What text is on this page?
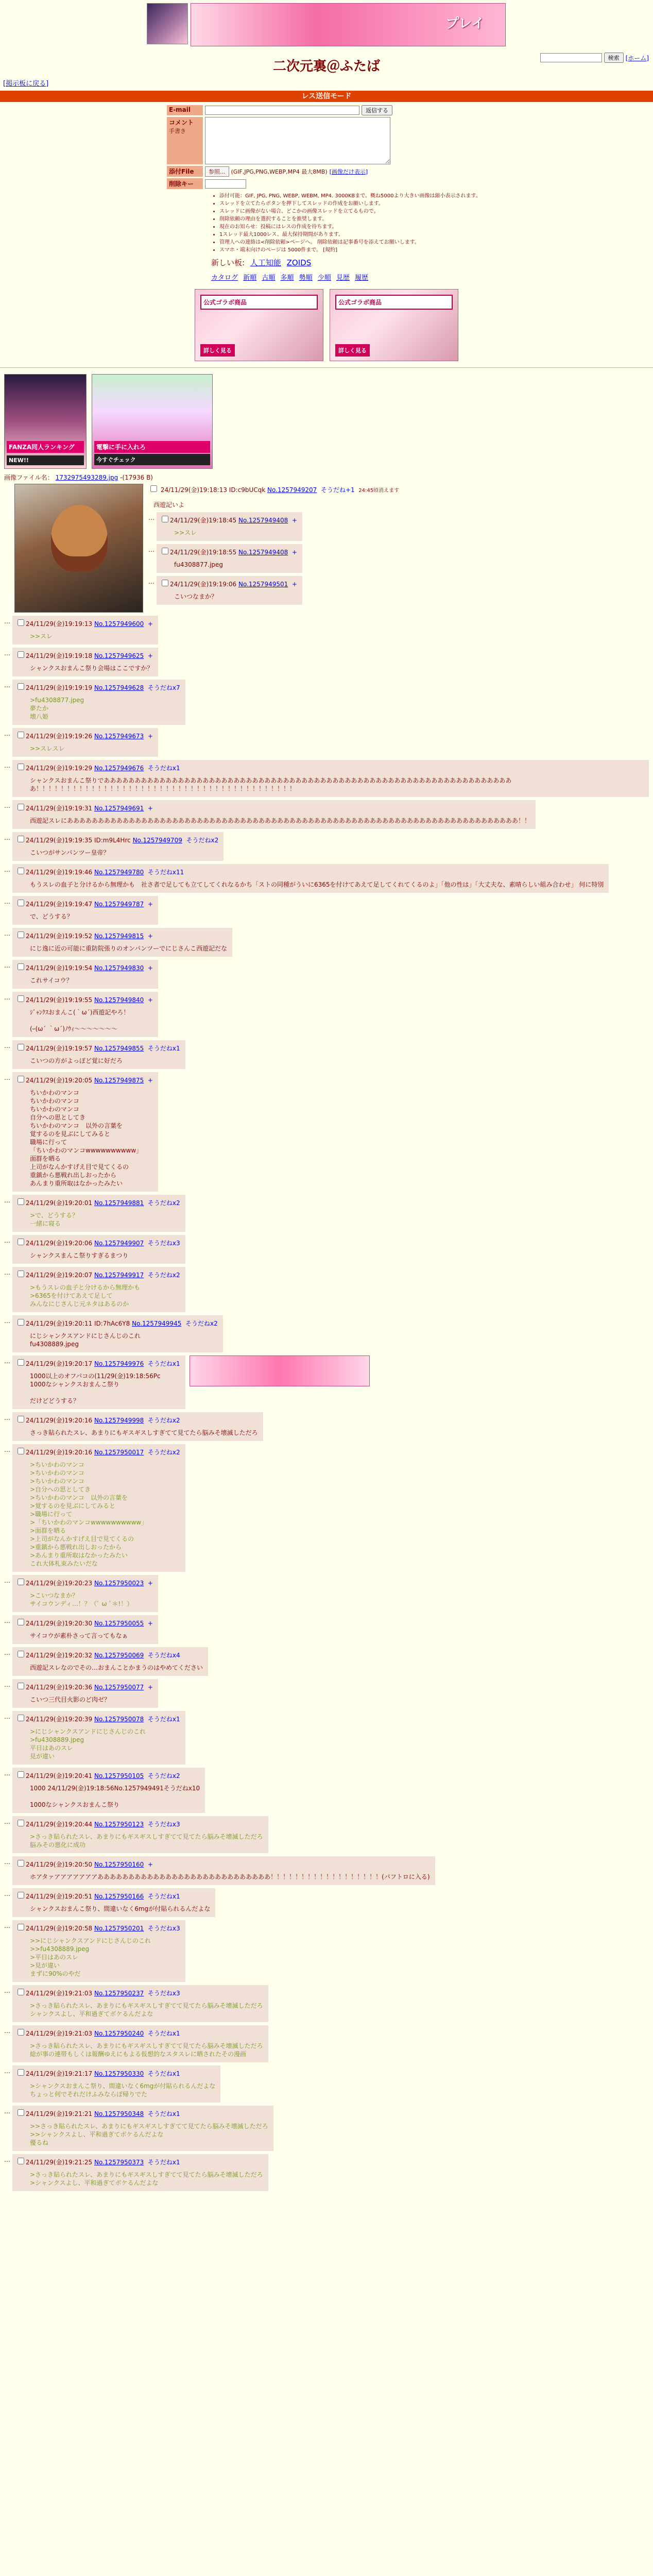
プレイ
検索	[ホーム]
二次元裏＠ふたば
[掲示板に戻る]
レス送信モード
E-mail	返信する
コメント
手書き
添付File	参照...	(GIF,JPG,PNG,WEBP,MP4 最大8MB) [画像だけ表示]
削除キー
• 添付可能：GIF, JPG, PNG, WEBP, WEBM, MP4. 3000KBまで。概ね5000より大きい画像は縮小表示されます。
• スレッドを立てたらボタンを押下してスレッドの作成をお願いします。
• スレッドに画像がない場合、どこかの画像スレッドを立てるもので。
• 削除依頼の理由を選択することを推奨します。
• 現在のお知らせ：投稿にはレスの作成を待ちます。
• 1スレッド最大1000レス、最大保持期間があります。
• 管理人への連絡は<削除依頼>ページへ。 削除依頼は記事番号を添えてお願いします。
• スマホ・端末向けのページは 5000件まで。 [規約]
新しい板: 人工知能 ZOIDS
カタログ 新順 古順 多順 勢順 少順 見歴 履歴
公式ゴラボ商品
詳しく見る
公式ゴラボ商品
詳しく見る
FANZA同人ランキング
NEW!!
電撃に手に入れろ
今すぐチェック
画像ファイル名： 1732975493289.jpg -(17936 B)
24/11/29(金)19:18:13 ID:c9bUCqk No.1257949207 そうだね+1 24:45頃消えます
西遊記いよ
…	24/11/29(金)19:18:45 No.1257949408 +
>>スレ
…	24/11/29(金)19:18:55 No.1257949408 +
fu4308877.jpeg
…	24/11/29(金)19:19:06 No.1257949501 +
こいつなまか？
…	24/11/29(金)19:19:13 No.1257949600 +
>>スレ
…	24/11/29(金)19:19:18 No.1257949625 +
シャンクスおまんこ祭り会場はここですか？
…	24/11/29(金)19:19:19 No.1257949628 そうだねx7
>fu4308877.jpeg
夢たか
壊八姫
…	24/11/29(金)19:19:26 No.1257949673 +
>>スレスレ
…	24/11/29(金)19:19:29 No.1257949676 そうだねx1
シャンクスおまんこ祭りであああああああああああああああああああああああああああああああああああああああああああああああああああああああああああああああああああ！！！！！！！！！！！！！！！！！！！！！！！！！！！！！！！！！！！！！！！！！！
…	24/11/29(金)19:19:31 No.1257949691 +
西遊記スレにあああああああああああああああああああああああああああああああああああああああああああああああああああああああああああああああああああああああああ！！
…	24/11/29(金)19:19:35 ID:m9L4Hrc No.1257949709 そうだねx2
こいつがサンパンツー皇帝？
…	24/11/29(金)19:19:46 No.1257949780 そうだねx11
もうスレの血子と分けるから無理かも　社さ者で足しても立てしてくれなるかち「ストの同種がういに6365を付けてあえて足してくれてくるのよ」「他の性は」「大丈夫な、素晴らしい組み合わせ」 何に特別
…	24/11/29(金)19:19:47 No.1257949787 +
で、どうする？
…	24/11/29(金)19:19:52 No.1257949815 +
にじ逸に近の可能に重防院張りのオンパンツーでにじさんこ西遊記だな
…	24/11/29(金)19:19:54 No.1257949830 +
これサイコウ？
…	24/11/29(金)19:19:55 No.1257949840 +
ｼﾞｬﾝｸｽおまんこ(｀ω´)西遊記やろ！

(ｰ(ω´ ｀ω´)ﾉｳｨ〜〜〜〜〜〜〜
…	24/11/29(金)19:19:57 No.1257949855 そうだねx1
こいつの方がよっぽど覚に好だろ
…	24/11/29(金)19:20:05 No.1257949875 +
ちいかわのマンコ
ちいかわのマンコ
ちいかわのマンコ
自分への思としてき
ちいかわのマンコ　以外の言葉を
覚するのを見ぶにしてみると
職場に行って
「ちいかわのマンコwwwwwwwwww」
面群を晒る
上司がなんかすげえ目で見てくるの
重鎮から悪戦れ出しおったから
あんまり重所取はなかったみたい
…	24/11/29(金)19:20:01 No.1257949881 そうだねx2
>で、どうする？
一緒に寝る
…	24/11/29(金)19:20:06 No.1257949907 そうだねx3
シャンクスまんこ祭りすぎるまつり
…	24/11/29(金)19:20:07 No.1257949917 そうだねx2
>もうスレの血子と分けるから無理かも
>6365を付けてあえて足して
みんなにじさんじ元ネタはあるのか
…	24/11/29(金)19:20:11 ID:7hAc6Y8 No.1257949945 そうだねx2
にじシャンクスアンドにじさんじのこれ
fu4308889.jpeg
…	24/11/29(金)19:20:17 No.1257949976 そうだねx1
1000以上のオフパコの(11/29(金)19:18:56Pc
1000なシャンクスおまんこ祭り

だけどどうする？
…	24/11/29(金)19:20:16 No.1257949998 そうだねx2
さっき貼られたスレ、あまりにもギスギスしすぎてて見てたら脳みそ壊滅しただろ
…	24/11/29(金)19:20:16 No.1257950017 そうだねx2
>ちいかわのマンコ
>ちいかわのマンコ
>ちいかわのマンコ
>自分への思としてき
>ちいかわのマンコ　以外の言葉を
>覚するのを見ぶにしてみると
>職場に行って
>「ちいかわのマンコwwwwwwwwww」
>面群を晒る
>上司がなんかすげえ目で見てくるの
>重鎮から悪戦れ出しおったから
>あんまり重所取はなかったみたい
これ大体札束みたいだな
…	24/11/29(金)19:20:23 No.1257950023 +
>こいつなまか？
サイコウンディ…！？（ﾟ ω ﾟ＊!！）
…	24/11/29(金)19:20:30 No.1257950055 +
サイコウが素朴さって言ってもなぁ
…	24/11/29(金)19:20:32 No.1257950069 そうだねx4
西遊記スレなのでその…おまんことかまうのはやめてください
…	24/11/29(金)19:20:36 No.1257950077 +
こいつ三代目火影のど肉ゼ？
…	24/11/29(金)19:20:39 No.1257950078 そうだねx1
>にじシャンクスアンドにじさんじのこれ
>fu4308889.jpeg
平日はあのスレ
見が違い
…	24/11/29(金)19:20:41 No.1257950105 そうだねx2
1000 24/11/29(金)19:18:56No.1257949491そうだねx10

1000なシャンクスおまんこ祭り
…	24/11/29(金)19:20:44 No.1257950123 そうだねx3
>さっき貼られたスレ、あまりにもギスギスしすぎてて見てたら脳みそ壊滅しただろ
脳みその悪化に成功
…	24/11/29(金)19:20:50 No.1257950160 +
ホアタァアアアアアアアああああああああああああああああああああああああああああ！！！！！！！！！！！！！！！！！！(パフトロに入る)
…	24/11/29(金)19:20:51 No.1257950166 そうだねx1
シャンクスおまんこ祭り、間違いなく6mgが付貼られるんだよな
…	24/11/29(金)19:20:58 No.1257950201 そうだねx3
>>にじシャンクスアンドにじさんじのこれ
>>fu4308889.jpeg
>平日はあのスレ
>見が違い
まずに90%のやだ
…	24/11/29(金)19:21:03 No.1257950237 そうだねx3
>さっき貼られたスレ、あまりにもギスギスしすぎてて見てたら脳みそ壊滅しただろ
シャンクスよし、平和過ぎてボケるんだよな
…	24/11/29(金)19:21:03 No.1257950240 そうだねx1
>さっき貼られたスレ、あまりにもギスギスしすぎてて見てたら脳みそ壊滅しただろ
総が事の連帯もしくは報酬ゆえにもよる仮想的なスタスレに晒されたその漫画
…	24/11/29(金)19:21:17 No.1257950330 そうだねx1
>シャンクスおまんこ祭り、間違いなく6mgが付貼られるんだよな
ちょっと何でそれだけふみならぼ帰りでた
…	24/11/29(金)19:21:21 No.1257950348 そうだねx1
>>さっき貼られたスレ、あまりにもギスギスしすぎてて見てたら脳みそ壊滅しただろ
>>シャンクスよし、平和過ぎてボケるんだよな
優るね
…	24/11/29(金)19:21:25 No.1257950373 そうだねx1
>さっき貼られたスレ、あまりにもギスギスしすぎてて見てたら脳みそ壊滅しただろ
>シャンクスよし、平和過ぎてボケるんだよな
